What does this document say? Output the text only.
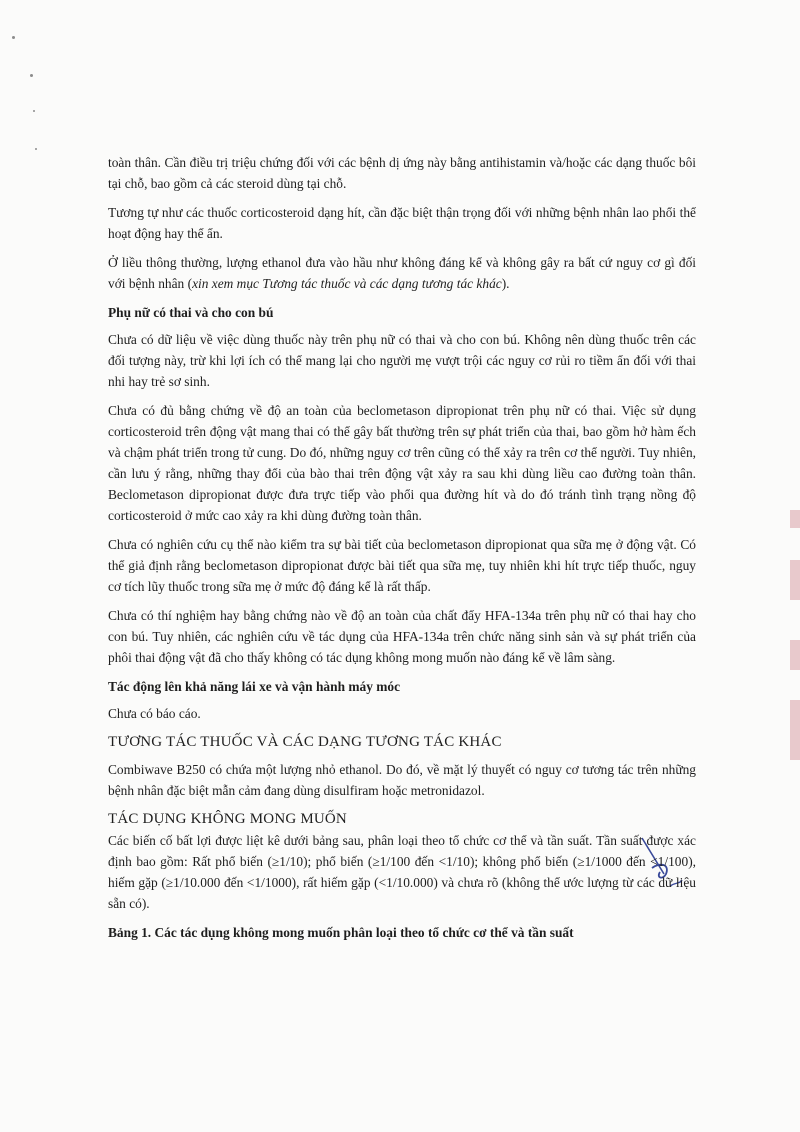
toàn thân. Cần điều trị triệu chứng đối với các bệnh dị ứng này bằng antihistamin và/hoặc các dạng thuốc bôi tại chỗ, bao gồm cả các steroid dùng tại chỗ.

Tương tự như các thuốc corticosteroid dạng hít, cần đặc biệt thận trọng đối với những bệnh nhân lao phổi thể hoạt động hay thể ẩn.

Ở liều thông thường, lượng ethanol đưa vào hầu như không đáng kể và không gây ra bất cứ nguy cơ gì đối với bệnh nhân (xin xem mục Tương tác thuốc và các dạng tương tác khác).

Phụ nữ có thai và cho con bú

Chưa có dữ liệu về việc dùng thuốc này trên phụ nữ có thai và cho con bú. Không nên dùng thuốc trên các đối tượng này, trừ khi lợi ích có thể mang lại cho người mẹ vượt trội các nguy cơ rủi ro tiềm ẩn đối với thai nhi hay trẻ sơ sinh.

Chưa có đủ bằng chứng về độ an toàn của beclometason dipropionat trên phụ nữ có thai. Việc sử dụng corticosteroid trên động vật mang thai có thể gây bất thường trên sự phát triển của thai, bao gồm hở hàm ếch và chậm phát triển trong tử cung. Do đó, những nguy cơ trên cũng có thể xảy ra trên cơ thể người. Tuy nhiên, cần lưu ý rằng, những thay đổi của bào thai trên động vật xảy ra sau khi dùng liều cao đường toàn thân. Beclometason dipropionat được đưa trực tiếp vào phổi qua đường hít và do đó tránh tình trạng nồng độ corticosteroid ở mức cao xảy ra khi dùng đường toàn thân.

Chưa có nghiên cứu cụ thể nào kiểm tra sự bài tiết của beclometason dipropionat qua sữa mẹ ở động vật. Có thể giả định rằng beclometason dipropionat được bài tiết qua sữa mẹ, tuy nhiên khi hít trực tiếp thuốc, nguy cơ tích lũy thuốc trong sữa mẹ ở mức độ đáng kể là rất thấp.

Chưa có thí nghiệm hay bằng chứng nào về độ an toàn của chất đẩy HFA-134a trên phụ nữ có thai hay cho con bú. Tuy nhiên, các nghiên cứu về tác dụng của HFA-134a trên chức năng sinh sản và sự phát triển của phôi thai động vật đã cho thấy không có tác dụng không mong muốn nào đáng kể về lâm sàng.

Tác động lên khả năng lái xe và vận hành máy móc

Chưa có báo cáo.

TƯƠNG TÁC THUỐC VÀ CÁC DẠNG TƯƠNG TÁC KHÁC

Combiwave B250 có chứa một lượng nhỏ ethanol. Do đó, về mặt lý thuyết có nguy cơ tương tác trên những bệnh nhân đặc biệt mẫn cảm đang dùng disulfiram hoặc metronidazol.

TÁC DỤNG KHÔNG MONG MUỐN

Các biến cố bất lợi được liệt kê dưới bảng sau, phân loại theo tổ chức cơ thể và tần suất. Tần suất được xác định bao gồm: Rất phổ biến (≥1/10); phổ biến (≥1/100 đến <1/10); không phổ biến (≥1/1000 đến <1/100), hiếm gặp (≥1/10.000 đến <1/1000), rất hiếm gặp (<1/10.000) và chưa rõ (không thể ước lượng từ các dữ liệu sẵn có).

Bảng 1. Các tác dụng không mong muốn phân loại theo tổ chức cơ thể và tần suất
